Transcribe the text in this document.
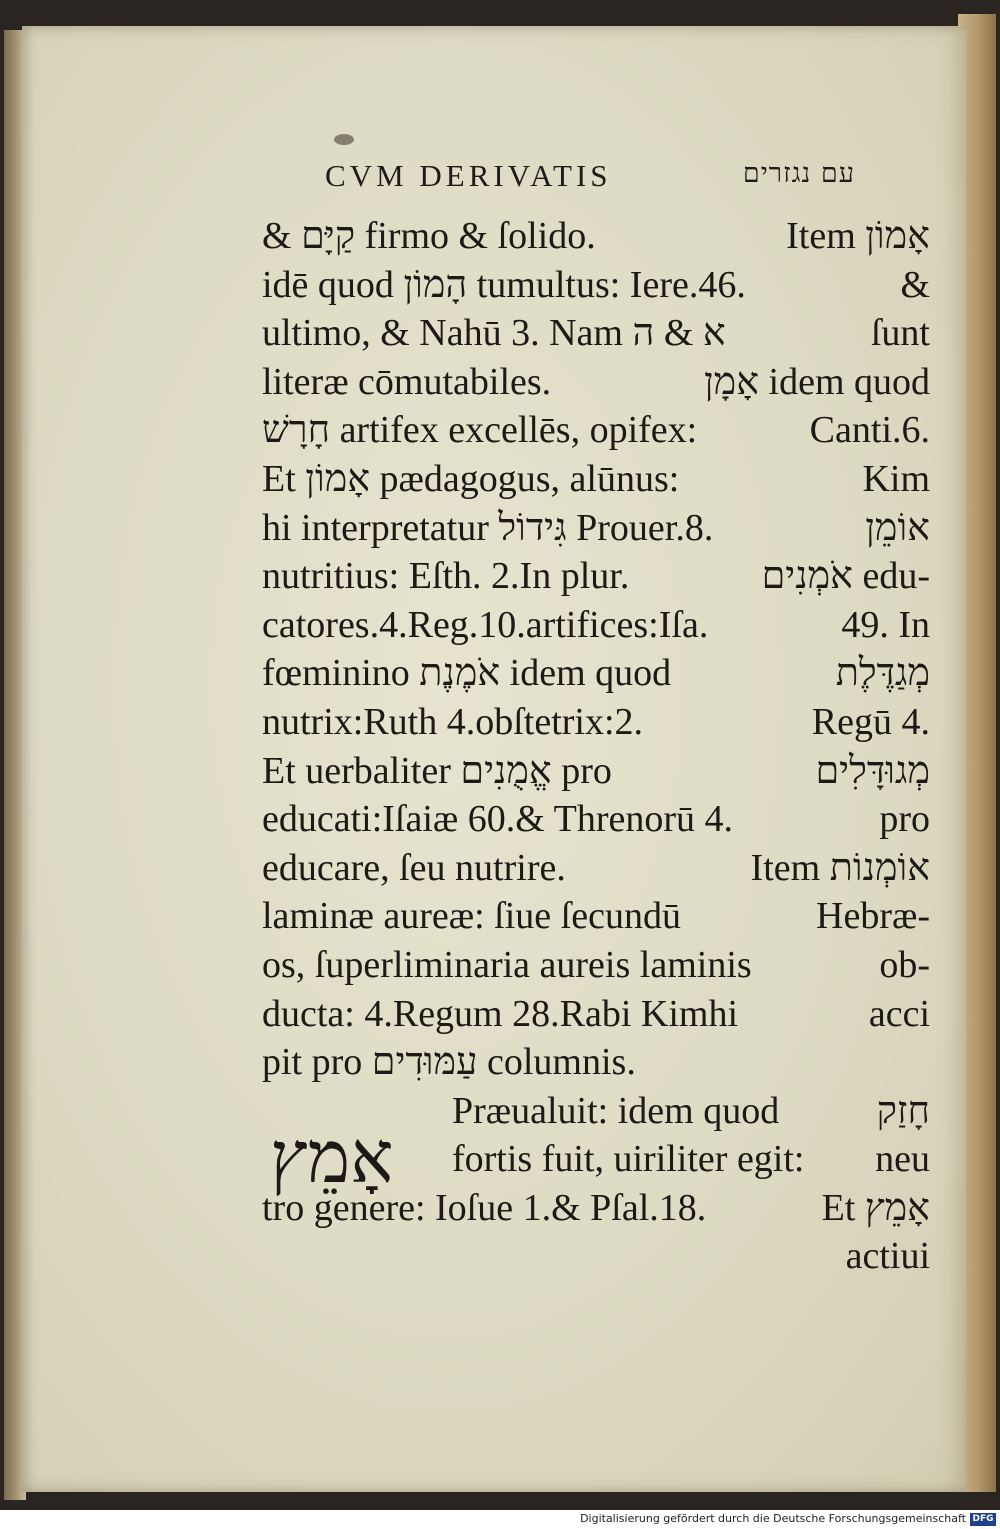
CVM DERIVATIS	עם נגזרים
& קַיָּם firmo & ſolido.	Item אָמוֹן
idē quod הָמוֹן tumultus: Iere.46.	&
ultimo, & Nahū 3. Nam א & ה	ſunt
literæ cōmutabiles.	אָמָן idem quod
חָרָשׁ artifex excellēs, opifex:	Canti.6.
Et אָמוֹן pædagogus, alūnus:	Kim
hi interpretatur גִּידוֹל Prouer.8.	אוֹמֵן
nutritius: Eſth. 2.In plur.	אֹמְנִים edu-
catores.4.Reg.10.artifices:Iſa.	49. In
fœminino אֹמֶנֶת idem quod	מְגַדֶּלֶת
nutrix:Ruth 4.obſtetrix:2.	Regū 4.
Et uerbaliter אֱמֻנִים pro	מְגוּדָּלִים
educati:Iſaiæ 60.& Threnorū 4.	pro
educare, ſeu nutrire.	Item אוֹמְנוֹת
laminæ aureæ: ſiue ſecundū	Hebræ-
os, ſuperliminaria aureis laminis	ob-
ducta: 4.Regum 28.Rabi Kimhi	acci
pit pro עַמּוּדִים columnis.
Præualuit: idem quod	חָזַק
fortis fuit, uiriliter egit: neu
tro genere: Ioſue 1.& Pſal.18.	Et אָמֵץ
actiui
אָמֵץ
Digitalisierung gefördert durch die Deutsche Forschungsgemeinschaft DFG
